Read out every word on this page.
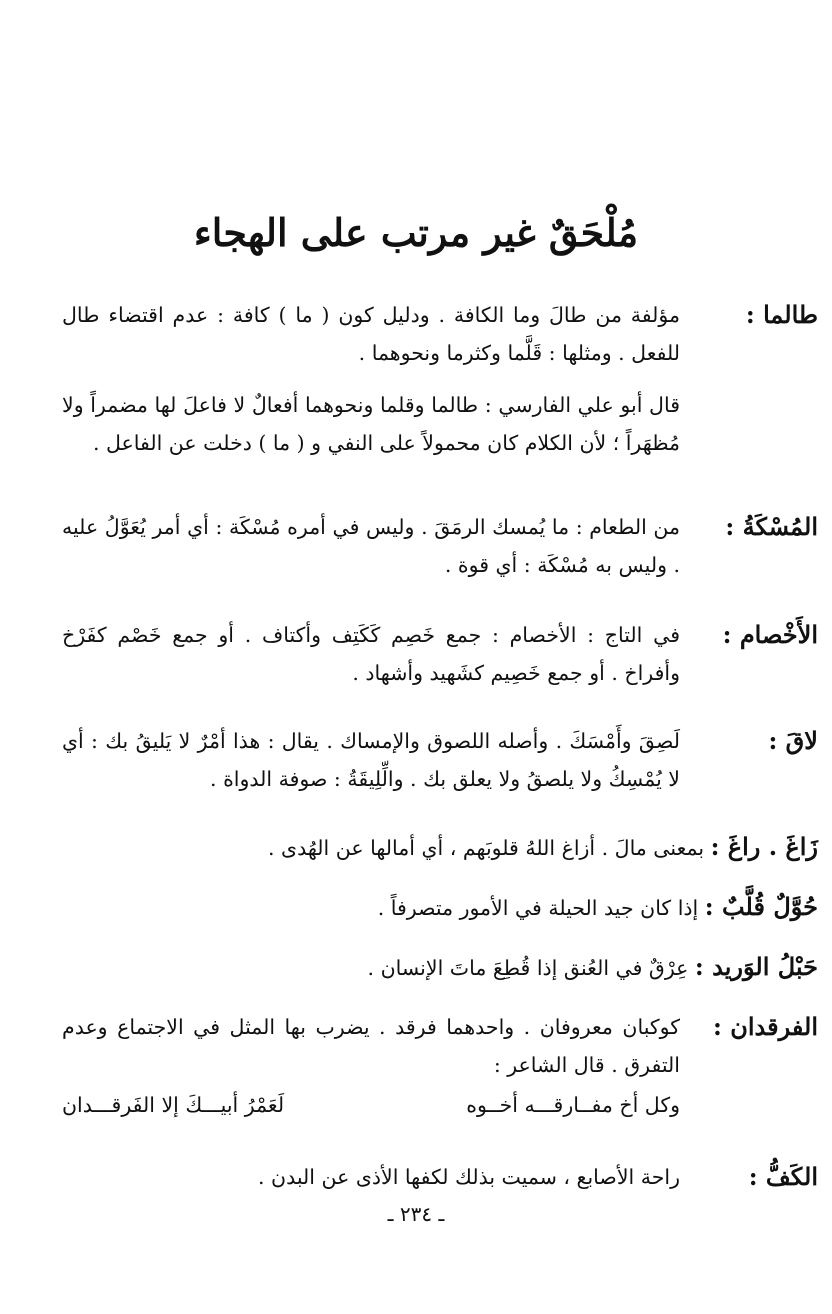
مُلْحَقٌ غير مرتب على الهجاء
طالما :

مؤلفة من طالَ وما الكافة . ودليل كون ( ما ) كافة : عدم اقتضاء طال للفعل . ومثلها : قَلَّما وكثرما ونحوهما .

قال أبو علي الفارسي : طالما وقلما ونحوهما أفعالٌ لا فاعلَ لها مضمراً ولا مُظهَراً ؛ لأن الكلام كان محمولاً على النفي و ( ما ) دخلت عن الفاعل .

المُسْكَةُ :

من الطعام : ما يُمسك الرمَقَ . وليس في أمره مُسْكَة : أي أمر يُعَوَّلُ عليه . وليس به مُسْكَة : أي قوة .

الأَخْصام :

في التاج : الأخصام : جمع خَصِم كَكَتِف وأكتاف . أو جمع خَصْم كفَرْخ وأفراخ . أو جمع خَصِيم كشَهيد وأشهاد .

لاقَ :

لَصِقَ وأَمْسَكَ . وأصله اللصوق والإمساك . يقال : هذا أمْرٌ لا يَليقُ بك : أي لا يُمْسِكُ ولا يلصقُ ولا يعلق بك . والِّلِيقَةُ : صوفة الدواة .

زَاغَ . راغَ : بمعنى مالَ . أزاغ اللهُ قلوبَهم ، أي أمالها عن الهُدى .
حُوَّلٌ قُلَّبٌ : إذا كان جيد الحيلة في الأمور متصرفاً .
حَبْلُ الوَريد : عِرْقٌ في العُنق إذا قُطِعَ ماتَ الإنسان .
الفرقدان :

كوكبان معروفان . واحدهما فرقد . يضرب بها المثل في الاجتماع وعدم التفرق . قال الشاعر :

وكل أخ مفــارقـــه أخــوه
لَعَمْرُ أبيـــكَ إلا الفَرقـــدان
الكَفُّ :

راحة الأصابع ، سميت بذلك لكفها الأذى عن البدن .

ـ ٢٣٤ ـ
